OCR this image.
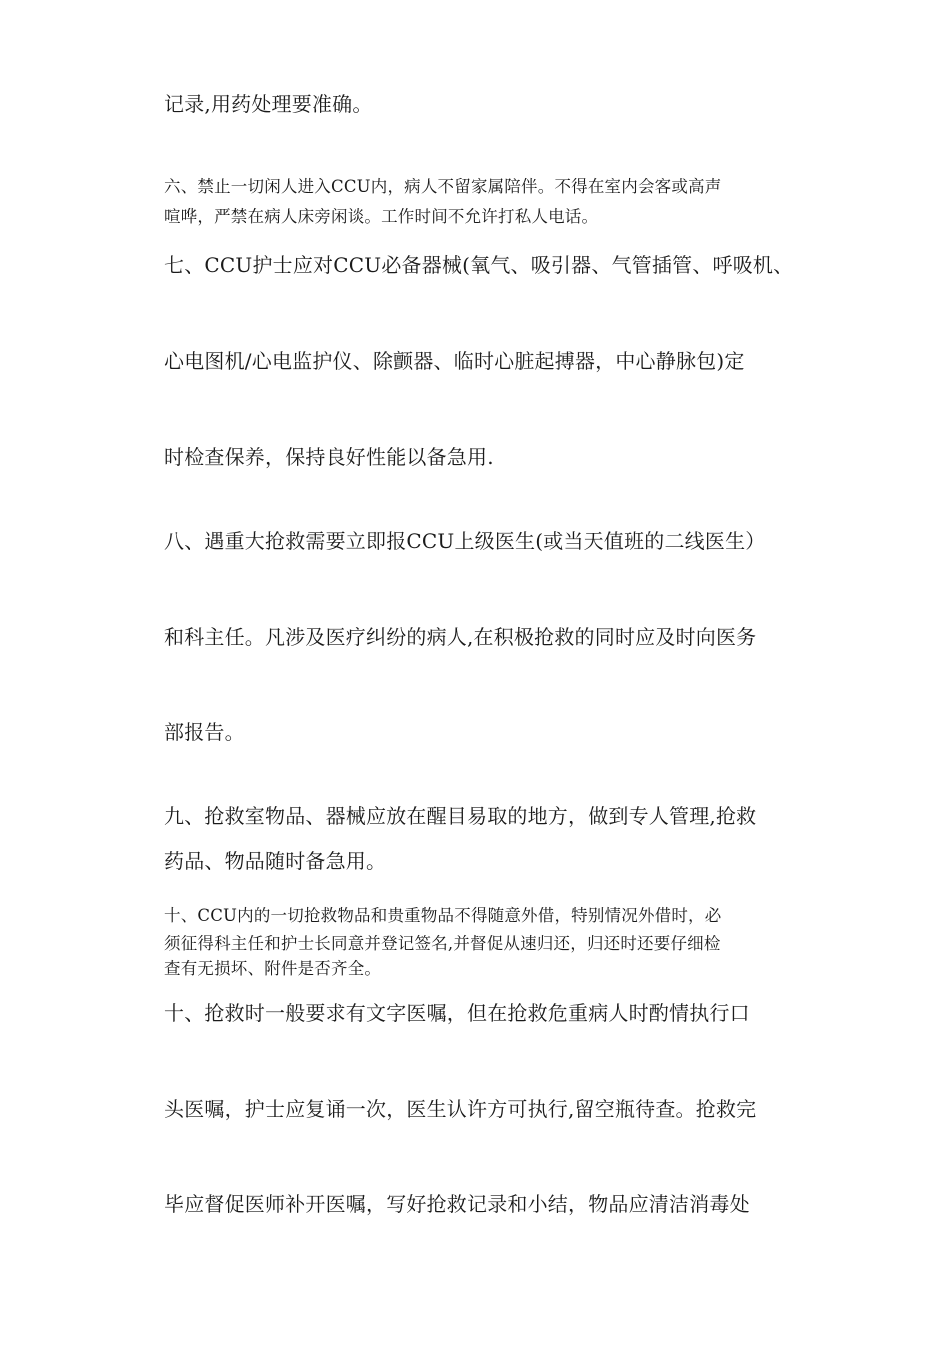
记录,用药处理要准确。

六、禁止一切闲人进入CCU内，病人不留家属陪伴。不得在室内会客或高声

喧哗，严禁在病人床旁闲谈。工作时间不允许打私人电话。

七、CCU护士应对CCU必备器械(氧气、吸引器、气管插管、呼吸机、

心电图机/心电监护仪、除颤器、临时心脏起搏器，中心静脉包)定

时检查保养，保持良好性能以备急用.

八、遇重大抢救需要立即报CCU上级医生(或当天值班的二线医生）

和科主任。凡涉及医疗纠纷的病人,在积极抢救的同时应及时向医务

部报告。

九、抢救室物品、器械应放在醒目易取的地方，做到专人管理,抢救

药品、物品随时备急用。

十、CCU内的一切抢救物品和贵重物品不得随意外借，特别情况外借时，必

须征得科主任和护士长同意并登记签名,并督促从速归还，归还时还要仔细检

查有无损坏、附件是否齐全。

十、抢救时一般要求有文字医嘱，但在抢救危重病人时酌情执行口

头医嘱，护士应复诵一次，医生认许方可执行,留空瓶待查。抢救完

毕应督促医师补开医嘱，写好抢救记录和小结，物品应清洁消毒处
